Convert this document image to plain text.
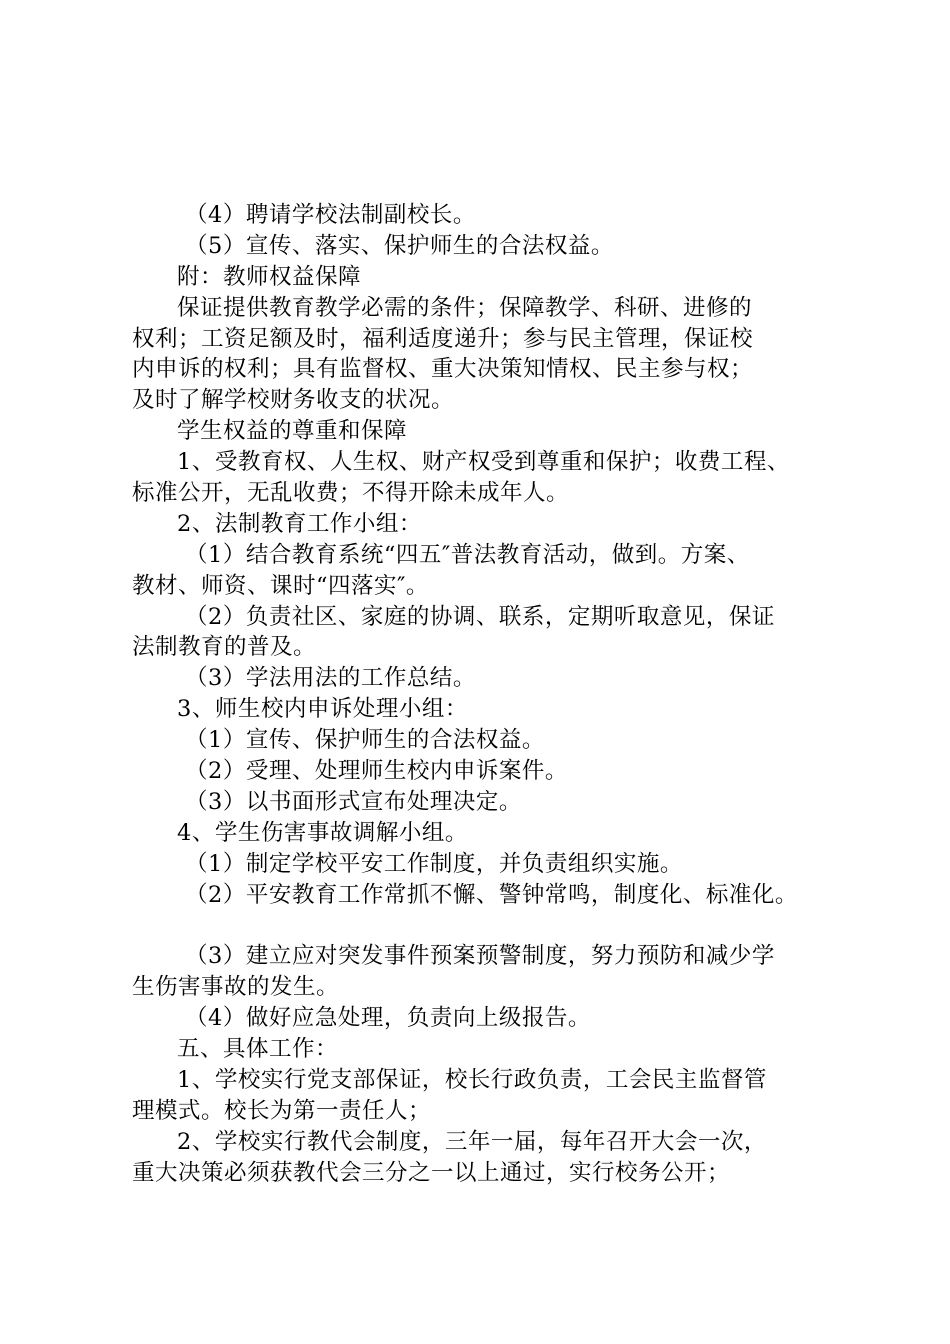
（4）聘请学校法制副校长。
（5）宣传、落实、保护师生的合法权益。
附：教师权益保障
保证提供教育教学必需的条件；保障教学、科研、进修的
权利；工资足额及时，福利适度递升；参与民主管理，保证校
内申诉的权利；具有监督权、重大决策知情权、民主参与权；
及时了解学校财务收支的状况。
学生权益的尊重和保障
1、受教育权、人生权、财产权受到尊重和保护；收费工程、
标准公开，无乱收费；不得开除未成年人。
2、法制教育工作小组：
（1）结合教育系统“四五″普法教育活动，做到。方案、
教材、师资、课时“四落实″。
（2）负责社区、家庭的协调、联系，定期听取意见，保证
法制教育的普及。
（3）学法用法的工作总结。
3、师生校内申诉处理小组：
（1）宣传、保护师生的合法权益。
（2）受理、处理师生校内申诉案件。
（3）以书面形式宣布处理决定。
4、学生伤害事故调解小组。
（1）制定学校平安工作制度，并负责组织实施。
（2）平安教育工作常抓不懈、警钟常鸣，制度化、标准化。
（3）建立应对突发事件预案预警制度，努力预防和减少学
生伤害事故的发生。
（4）做好应急处理，负责向上级报告。
五、具体工作：
1、学校实行党支部保证，校长行政负责，工会民主监督管
理模式。校长为第一责任人；
2、学校实行教代会制度，三年一届，每年召开大会一次，
重大决策必须获教代会三分之一以上通过，实行校务公开；
